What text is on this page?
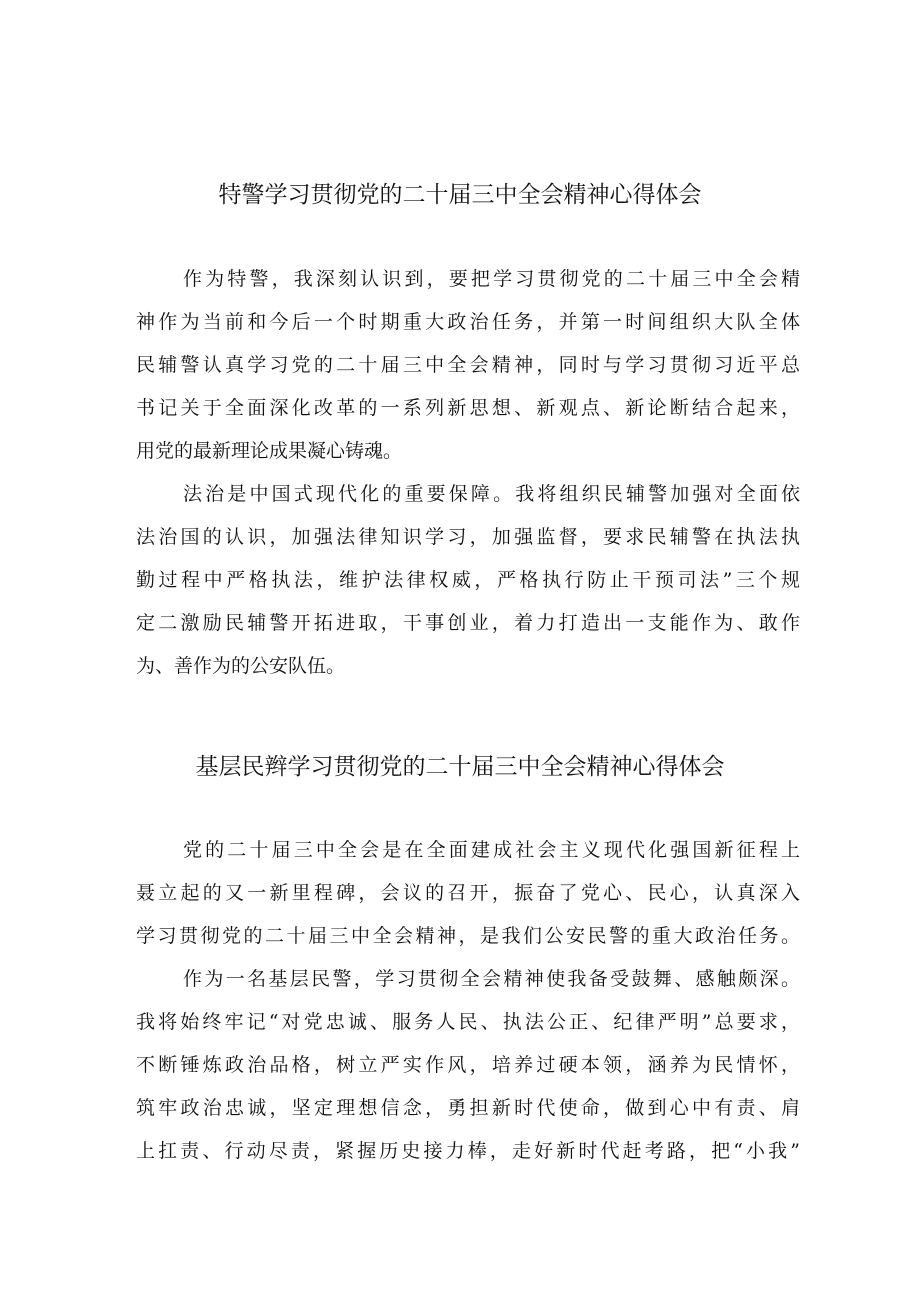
特警学习贯彻党的二十届三中全会精神心得体会
作为特警，我深刻认识到，要把学习贯彻党的二十届三中全会精
神作为当前和今后一个时期重大政治任务，并第一时间组织大队全体
民辅警认真学习党的二十届三中全会精神，同时与学习贯彻习近平总
书记关于全面深化改革的一系列新思想、新观点、新论断结合起来，
用党的最新理论成果凝心铸魂。
法治是中国式现代化的重要保障。我将组织民辅警加强对全面依
法治国的认识，加强法律知识学习，加强监督，要求民辅警在执法执
勤过程中严格执法，维护法律权威，严格执行防止干预司法”三个规
定二激励民辅警开拓进取，干事创业，着力打造出一支能作为、敢作
为、善作为的公安队伍。
基层民辫学习贯彻党的二十届三中全会精神心得体会
党的二十届三中全会是在全面建成社会主义现代化强国新征程上
聂立起的又一新里程碑，会议的召开，振奋了党心、民心，认真深入
学习贯彻党的二十届三中全会精神，是我们公安民警的重大政治任务。
作为一名基层民警，学习贯彻全会精神使我备受鼓舞、感触颇深。
我将始终牢记“对党忠诚、服务人民、执法公正、纪律严明”总要求，
不断锤炼政治品格，树立严实作风，培养过硬本领，涵养为民情怀，
筑牢政治忠诚，坚定理想信念，勇担新时代使命，做到心中有责、肩
上扛责、行动尽责，紧握历史接力棒，走好新时代赶考路，把“小我”
